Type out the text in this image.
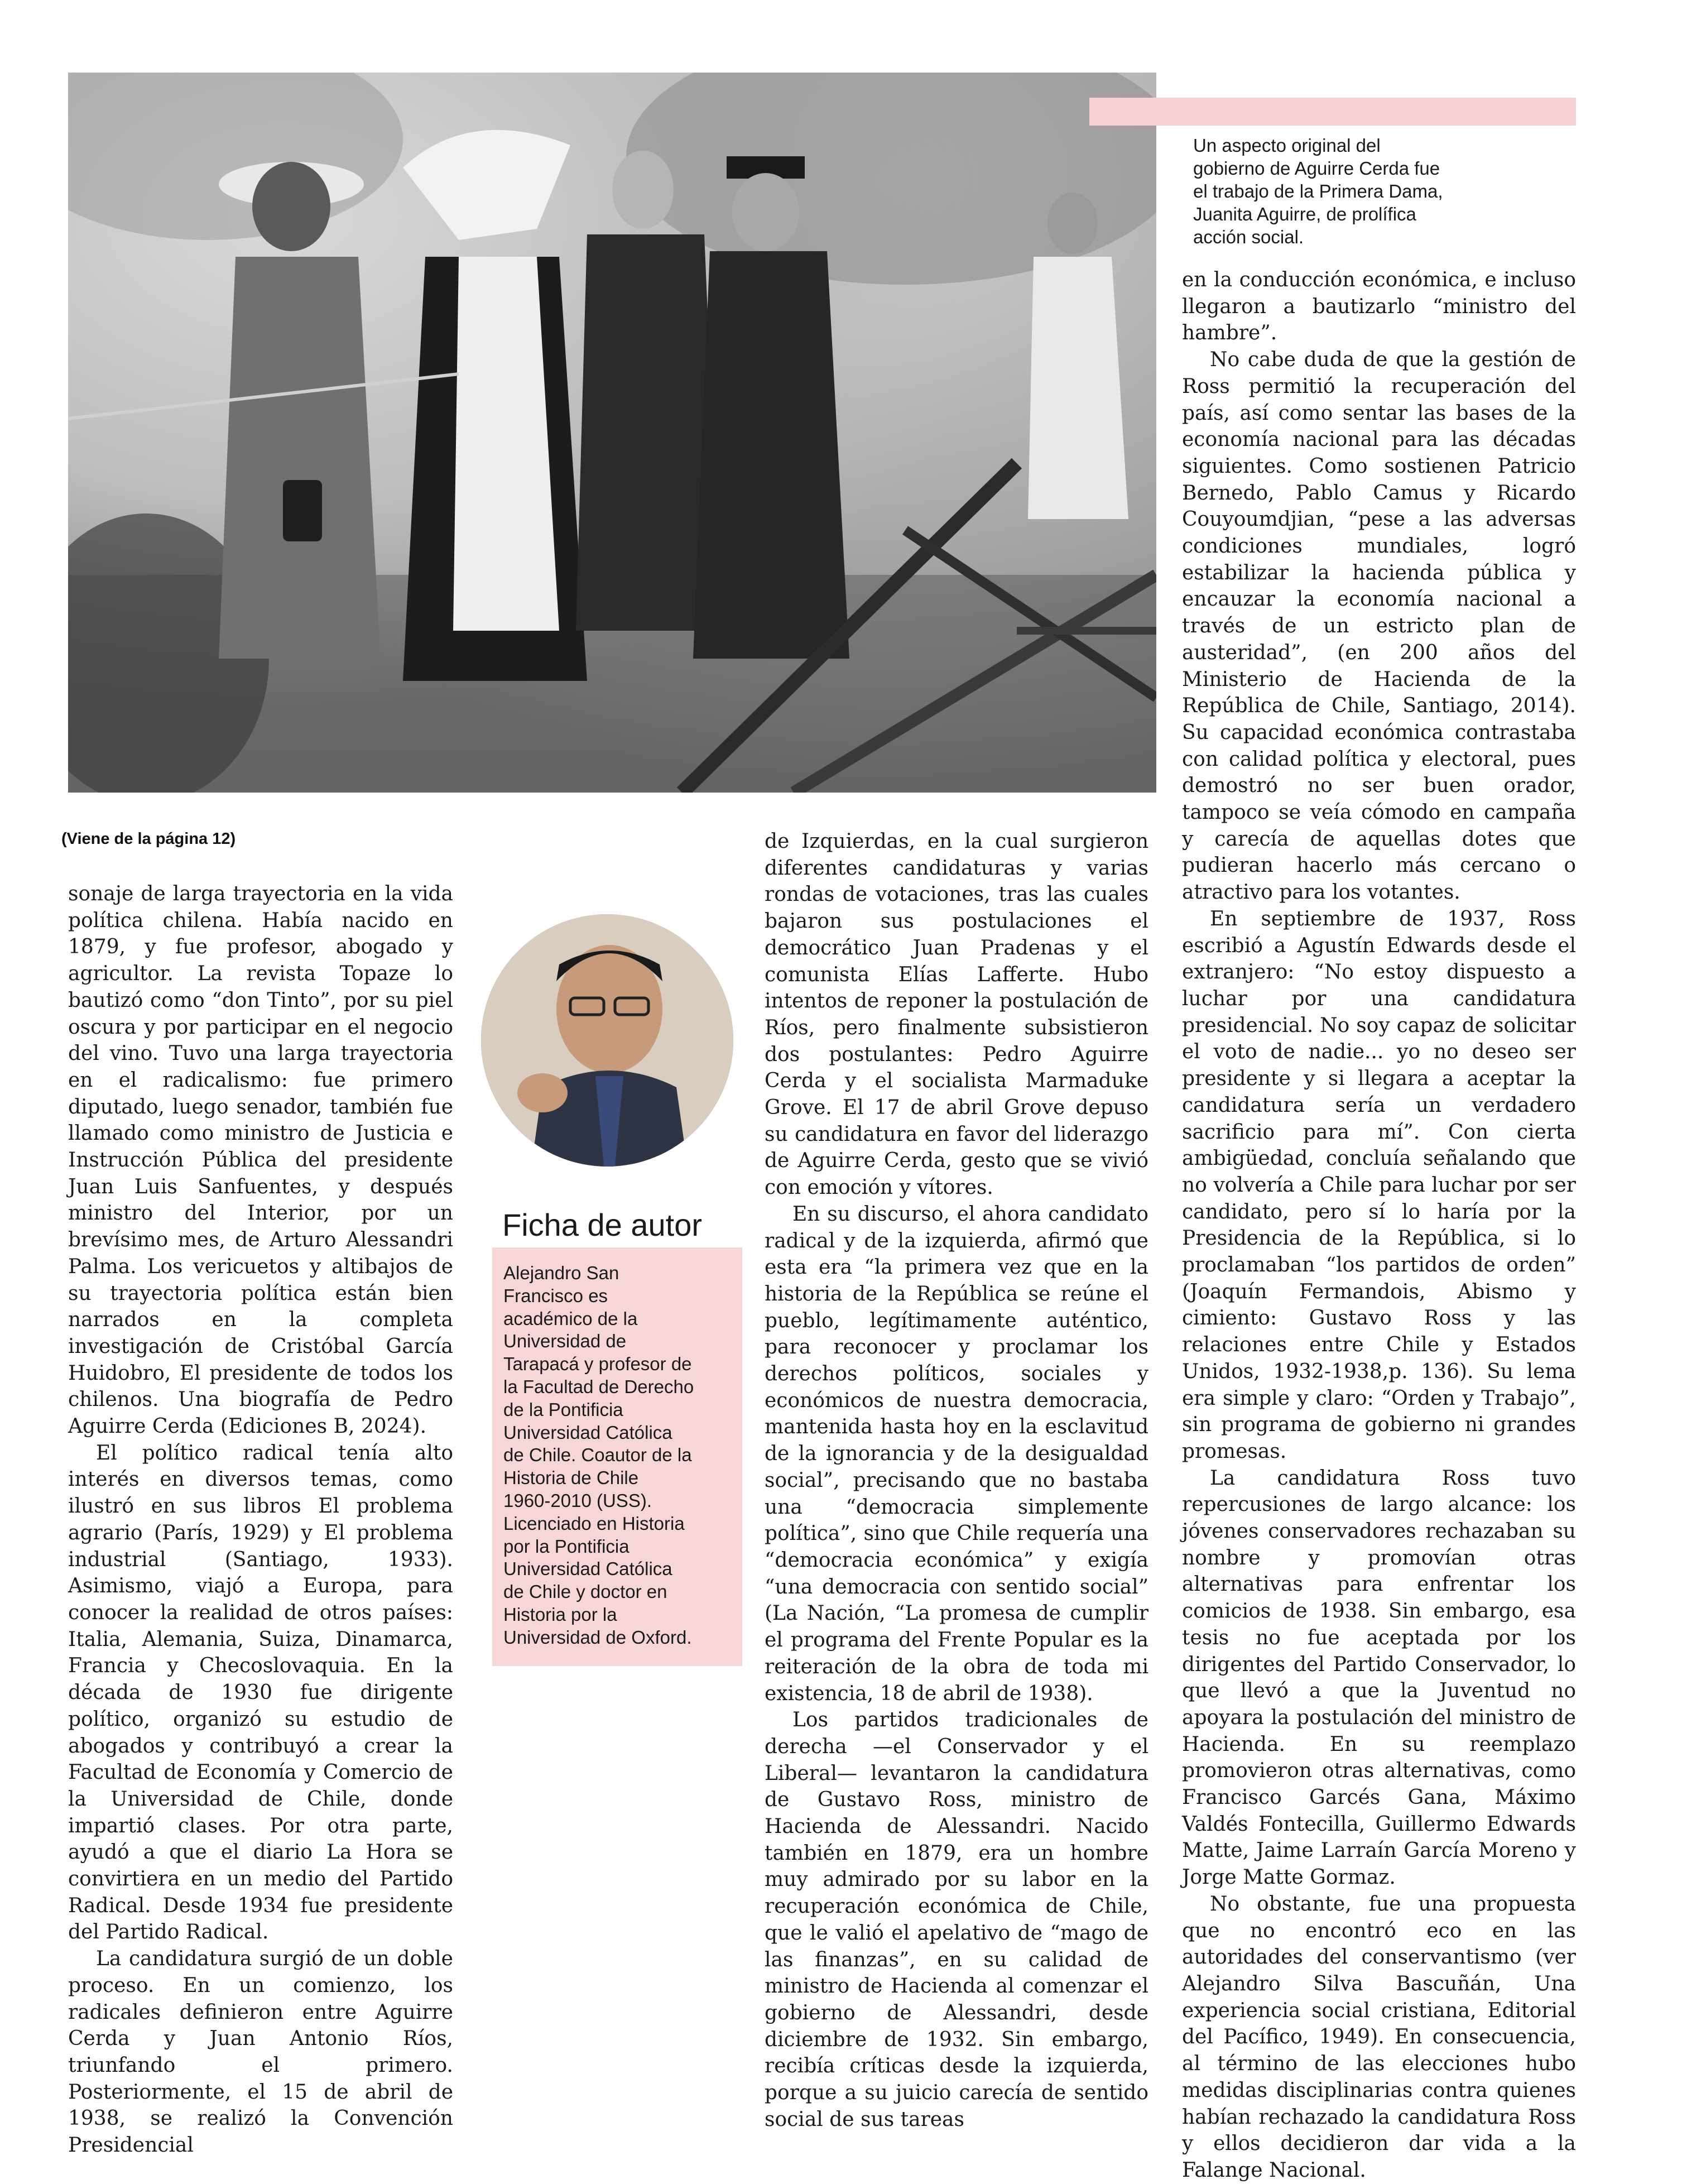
Un aspecto original del
gobierno de Aguirre Cerda fue
el trabajo de la Primera Dama,
Juanita Aguirre, de prolífica
acción social.
(Viene de la página 12)

sonaje de larga trayectoria en la vida política chilena. Había nacido en 1879, y fue profesor, abogado y agricultor. La revista Topaze lo bautizó como “don Tinto”, por su piel oscura y por participar en el negocio del vino. Tuvo una larga trayectoria en el radicalismo: fue primero diputado, luego senador, también fue llamado como ministro de Justicia e Instrucción Pública del presidente Juan Luis Sanfuentes, y después ministro del Interior, por un brevísimo mes, de Arturo Alessandri Palma. Los vericuetos y altibajos de su trayectoria política están bien narrados en la completa investigación de Cristóbal García Huidobro, El presidente de todos los chilenos. Una biografía de Pedro Aguirre Cerda (Ediciones B, 2024).

El político radical tenía alto interés en diversos temas, como ilustró en sus libros El problema agrario (París, 1929) y El problema industrial (Santiago, 1933). Asimismo, viajó a Europa, para conocer la realidad de otros países: Italia, Alemania, Suiza, Dinamarca, Francia y Checoslovaquia. En la década de 1930 fue dirigente político, organizó su estudio de abogados y contribuyó a crear la Facultad de Economía y Comercio de la Universidad de Chile, donde impartió clases. Por otra parte, ayudó a que el diario La Hora se convirtiera en un medio del Partido Radical. Desde 1934 fue presidente del Partido Radical.

La candidatura surgió de un doble proceso. En un comienzo, los radicales definieron entre Aguirre Cerda y Juan Antonio Ríos, triunfando el primero. Posteriormente, el 15 de abril de 1938, se realizó la Convención Presidencial

Ficha de autor
Alejandro San
Francisco es
académico de la
Universidad de
Tarapacá y profesor de
la Facultad de Derecho
de la Pontificia
Universidad Católica
de Chile. Coautor de la
Historia de Chile
1960-2010 (USS).
Licenciado en Historia
por la Pontificia
Universidad Católica
de Chile y doctor en
Historia por la
Universidad de Oxford.

de Izquierdas, en la cual surgieron diferentes candidaturas y varias rondas de votaciones, tras las cuales bajaron sus postulaciones el democrático Juan Pradenas y el comunista Elías Lafferte. Hubo intentos de reponer la postulación de Ríos, pero finalmente subsistieron dos postulantes: Pedro Aguirre Cerda y el socialista Marmaduke Grove. El 17 de abril Grove depuso su candidatura en favor del liderazgo de Aguirre Cerda, gesto que se vivió con emoción y vítores.

En su discurso, el ahora candidato radical y de la izquierda, afirmó que esta era “la primera vez que en la historia de la República se reúne el pueblo, legítimamente auténtico, para reconocer y proclamar los derechos políticos, sociales y económicos de nuestra democracia, mantenida hasta hoy en la esclavitud de la ignorancia y de la desigualdad social”, precisando que no bastaba una “democracia simplemente política”, sino que Chile requería una “democracia económica” y exigía “una democracia con sentido social” (La Nación, “La promesa de cumplir el programa del Frente Popular es la reiteración de la obra de toda mi existencia, 18 de abril de 1938).

Los partidos tradicionales de derecha —el Conservador y el Liberal— levantaron la candidatura de Gustavo Ross, ministro de Hacienda de Alessandri. Nacido también en 1879, era un hombre muy admirado por su labor en la recuperación económica de Chile, que le valió el apelativo de “mago de las finanzas”, en su calidad de ministro de Hacienda al comenzar el gobierno de Alessandri, desde diciembre de 1932. Sin embargo, recibía críticas desde la izquierda, porque a su juicio carecía de sentido social de sus tareas

en la conducción económica, e incluso llegaron a bautizarlo “ministro del hambre”.

No cabe duda de que la gestión de Ross permitió la recuperación del país, así como sentar las bases de la economía nacional para las décadas siguientes. Como sostienen Patricio Bernedo, Pablo Camus y Ricardo Couyoumdjian, “pese a las adversas condiciones mundiales, logró estabilizar la hacienda pública y encauzar la economía nacional a través de un estricto plan de austeridad”, (en 200 años del Ministerio de Hacienda de la República de Chile, Santiago, 2014). Su capacidad económica contrastaba con calidad política y electoral, pues demostró no ser buen orador, tampoco se veía cómodo en campaña y carecía de aquellas dotes que pudieran hacerlo más cercano o atractivo para los votantes.

En septiembre de 1937, Ross escribió a Agustín Edwards desde el extranjero: “No estoy dispuesto a luchar por una candidatura presidencial. No soy capaz de solicitar el voto de nadie... yo no deseo ser presidente y si llegara a aceptar la candidatura sería un verdadero sacrificio para mí”. Con cierta ambigüedad, concluía señalando que no volvería a Chile para luchar por ser candidato, pero sí lo haría por la Presidencia de la República, si lo proclamaban “los partidos de orden” (Joaquín Fermandois, Abismo y cimiento: Gustavo Ross y las relaciones entre Chile y Estados Unidos, 1932-1938,p. 136). Su lema era simple y claro: “Orden y Trabajo”, sin programa de gobierno ni grandes promesas.

La candidatura Ross tuvo repercusiones de largo alcance: los jóvenes conservadores rechazaban su nombre y promovían otras alternativas para enfrentar los comicios de 1938. Sin embargo, esa tesis no fue aceptada por los dirigentes del Partido Conservador, lo que llevó a que la Juventud no apoyara la postulación del ministro de Hacienda. En su reemplazo promovieron otras alternativas, como Francisco Garcés Gana, Máximo Valdés Fontecilla, Guillermo Edwards Matte, Jaime Larraín García Moreno y Jorge Matte Gormaz.

No obstante, fue una propuesta que no encontró eco en las autoridades del conservantismo (ver Alejandro Silva Bascuñán, Una experiencia social cristiana, Editorial del Pacífico, 1949). En consecuencia, al término de las elecciones hubo medidas disciplinarias contra quienes habían rechazado la candidatura Ross y ellos decidieron dar vida a la Falange Nacional.
